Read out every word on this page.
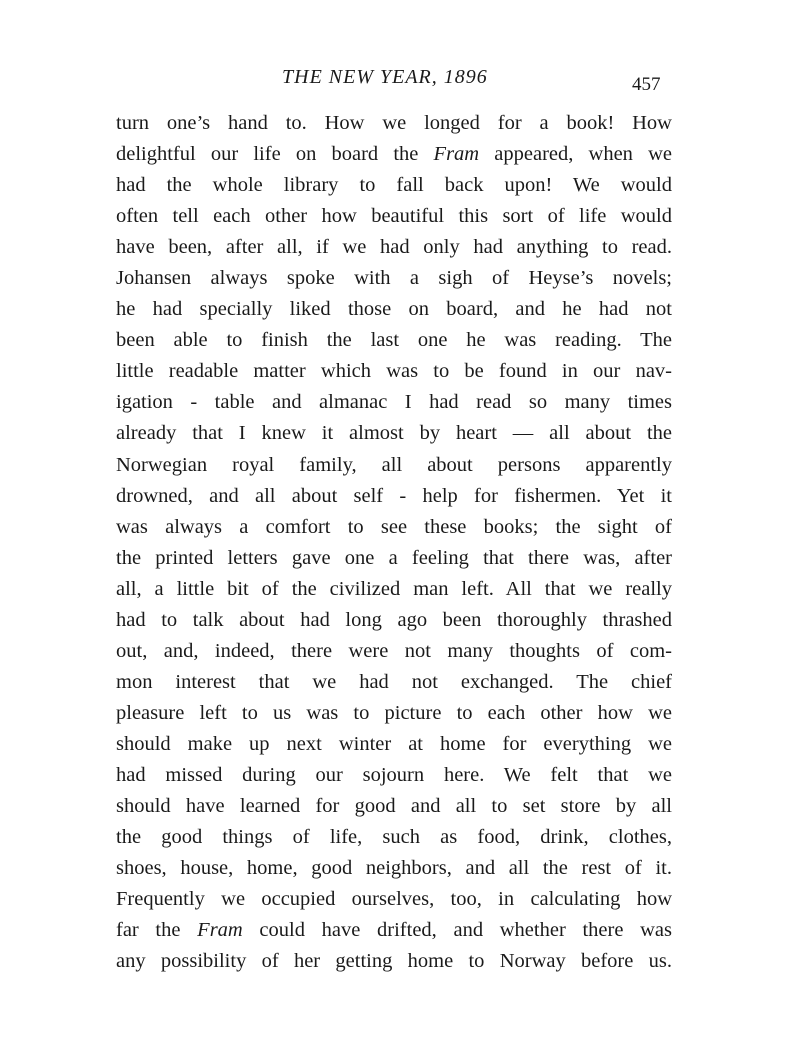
THE NEW YEAR, 1896	457
turn one’s hand to. How we longed for a book! How
delightful our life on board the Fram appeared, when we
had the whole library to fall back upon! We would
often tell each other how beautiful this sort of life would
have been, after all, if we had only had anything to read.
Johansen always spoke with a sigh of Heyse’s novels;
he had specially liked those on board, and he had not
been able to finish the last one he was reading. The
little readable matter which was to be found in our nav-
igation - table and almanac I had read so many times
already that I knew it almost by heart — all about the
Norwegian royal family, all about persons apparently
drowned, and all about self - help for fishermen. Yet it
was always a comfort to see these books; the sight of
the printed letters gave one a feeling that there was, after
all, a little bit of the civilized man left. All that we really
had to talk about had long ago been thoroughly thrashed
out, and, indeed, there were not many thoughts of com-
mon interest that we had not exchanged. The chief
pleasure left to us was to picture to each other how we
should make up next winter at home for everything we
had missed during our sojourn here. We felt that we
should have learned for good and all to set store by all
the good things of life, such as food, drink, clothes,
shoes, house, home, good neighbors, and all the rest of it.
Frequently we occupied ourselves, too, in calculating how
far the Fram could have drifted, and whether there was
any possibility of her getting home to Norway before us.
